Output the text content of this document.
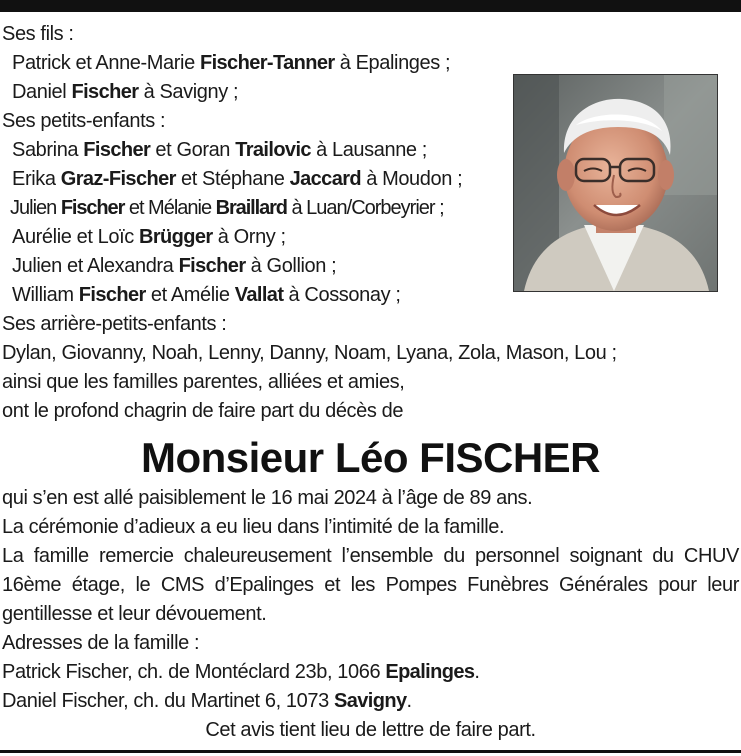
Ses fils :
Patrick et Anne-Marie Fischer-Tanner à Epalinges ;
Daniel Fischer à Savigny ;
Ses petits-enfants :
Sabrina Fischer et Goran Trailovic à Lausanne ;
Erika Graz-Fischer et Stéphane Jaccard à Moudon ;
Julien Fischer et Mélanie Braillard à Luan/Corbeyrier ;
Aurélie et Loïc Brügger à Orny ;
Julien et Alexandra Fischer à Gollion ;
William Fischer et Amélie Vallat à Cossonay ;
Ses arrière-petits-enfants :
Dylan, Giovanny, Noah, Lenny, Danny, Noam, Lyana, Zola, Mason, Lou ;
ainsi que les familles parentes, alliées et amies,
ont le profond chagrin de faire part du décès de
Monsieur Léo FISCHER
qui s’en est allé paisiblement le 16 mai 2024 à l’âge de 89 ans.
La cérémonie d’adieux a eu lieu dans l’intimité de la famille.
La famille remercie chaleureusement l’ensemble du personnel soignant du CHUV 16ème étage, le CMS d’Epalinges et les Pompes Funèbres Générales pour leur gentillesse et leur dévouement.
Adresses de la famille :
Patrick Fischer, ch. de Montéclard 23b, 1066 Epalinges.
Daniel Fischer, ch. du Martinet 6, 1073 Savigny.
Cet avis tient lieu de lettre de faire part.
